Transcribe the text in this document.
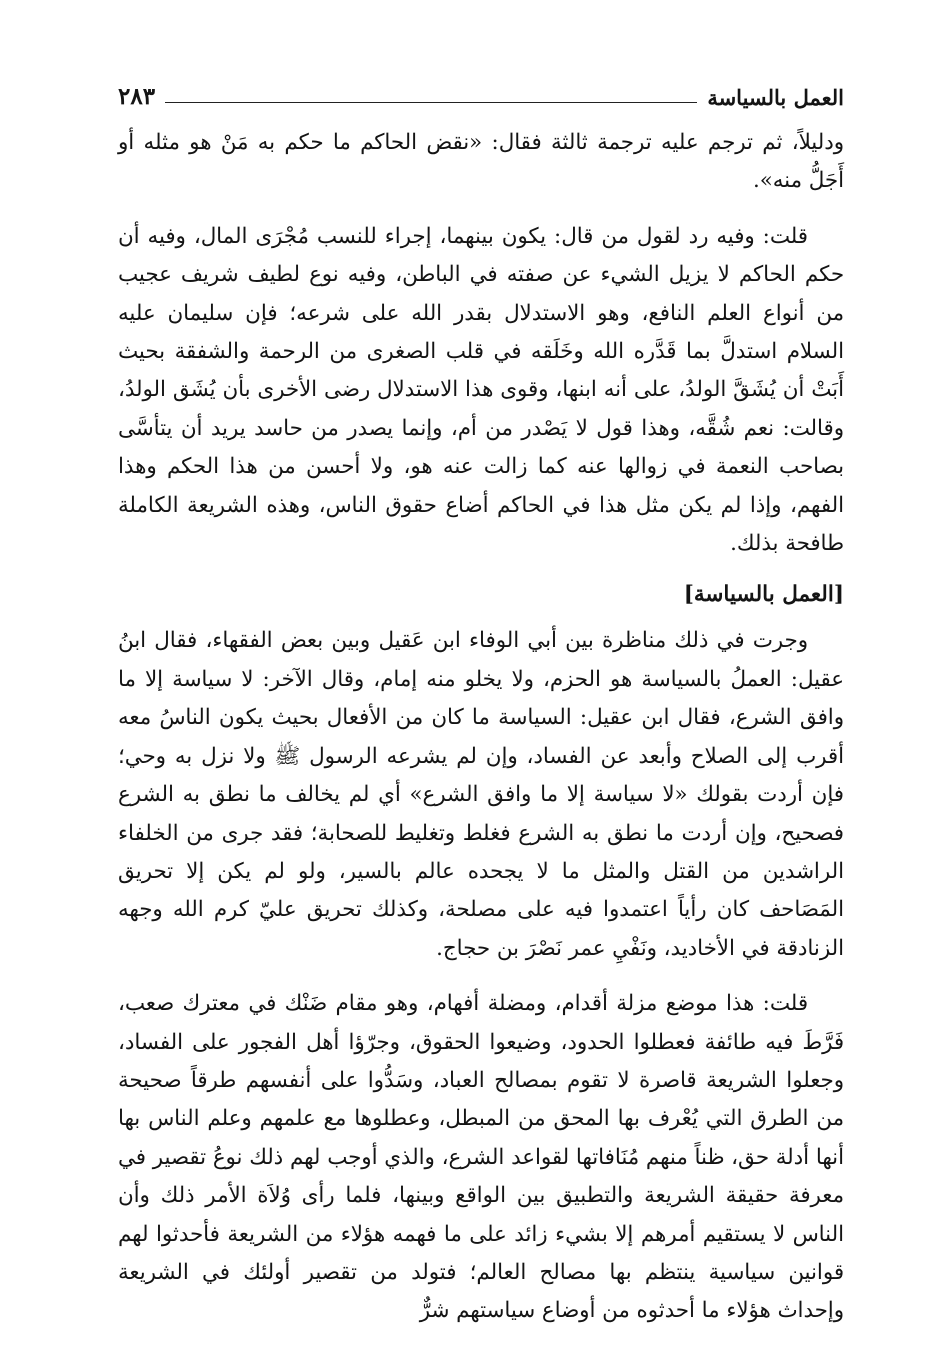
العمل بالسياسة
٢٨٣

ودليلاً، ثم ترجم عليه ترجمة ثالثة فقال: «نقض الحاكم ما حكم به مَنْ هو مثله أو أَجَلُّ منه».

قلت: وفيه رد لقول من قال: يكون بينهما، إجراء للنسب مُجْرَى المال، وفيه أن حكم الحاكم لا يزيل الشيء عن صفته في الباطن، وفيه نوع لطيف شريف عجيب من أنواع العلم النافع، وهو الاستدلال بقدر الله على شرعه؛ فإن سليمان عليه السلام استدلَّ بما قَدَّره الله وخَلَقه في قلب الصغرى من الرحمة والشفقة بحيث أَبَتْ أن يُشَقَّ الولدُ، على أنه ابنها، وقوى هذا الاستدلال رضى الأخرى بأن يُشَق الولدُ، وقالت: نعم شُقَّه، وهذا قول لا يَصْدر من أم، وإنما يصدر من حاسد يريد أن يتأسَّى بصاحب النعمة في زوالها عنه كما زالت عنه هو، ولا أحسن من هذا الحكم وهذا الفهم، وإذا لم يكن مثل هذا في الحاكم أضاع حقوق الناس، وهذه الشريعة الكاملة طافحة بذلك.

[العمل بالسياسة]

وجرت في ذلك مناظرة بين أبي الوفاء ابن عَقيل وبين بعض الفقهاء، فقال ابنُ عقيل: العملُ بالسياسة هو الحزم، ولا يخلو منه إمام، وقال الآخر: لا سياسة إلا ما وافق الشرع، فقال ابن عقيل: السياسة ما كان من الأفعال بحيث يكون الناسُ معه أقرب إلى الصلاح وأبعد عن الفساد، وإن لم يشرعه الرسول ﷺ ولا نزل به وحي؛ فإن أردت بقولك «لا سياسة إلا ما وافق الشرع» أي لم يخالف ما نطق به الشرع فصحيح، وإن أردت ما نطق به الشرع فغلط وتغليط للصحابة؛ فقد جرى من الخلفاء الراشدين من القتل والمثل ما لا يجحده عالم بالسير، ولو لم يكن إلا تحريق المَصَاحف كان رأياً اعتمدوا فيه على مصلحة، وكذلك تحريق عليّ كرم الله وجهه الزنادقة في الأخاديد، ونَفْيِ عمر نَصْرَ بن حجاج.

قلت: هذا موضع مزلة أقدام، ومضلة أفهام، وهو مقام ضَنْك في معترك صعب، فَرَّطَ فيه طائفة فعطلوا الحدود، وضيعوا الحقوق، وجرّؤا أهل الفجور على الفساد، وجعلوا الشريعة قاصرة لا تقوم بمصالح العباد، وسَدُّوا على أنفسهم طرقاً صحيحة من الطرق التي يُعْرف بها المحق من المبطل، وعطلوها مع علمهم وعلم الناس بها أنها أدلة حق، ظناً منهم مُنَافاتها لقواعد الشرع، والذي أوجب لهم ذلك نوعُ تقصير في معرفة حقيقة الشريعة والتطبيق بين الواقع وبينها، فلما رأى وُلاَة الأمر ذلك وأن الناس لا يستقيم أمرهم إلا بشيء زائد على ما فهمه هؤلاء من الشريعة فأحدثوا لهم قوانين سياسية ينتظم بها مصالح العالم؛ فتولد من تقصير أولئك في الشريعة وإحداث هؤلاء ما أحدثوه من أوضاع سياستهم شرٌّ
